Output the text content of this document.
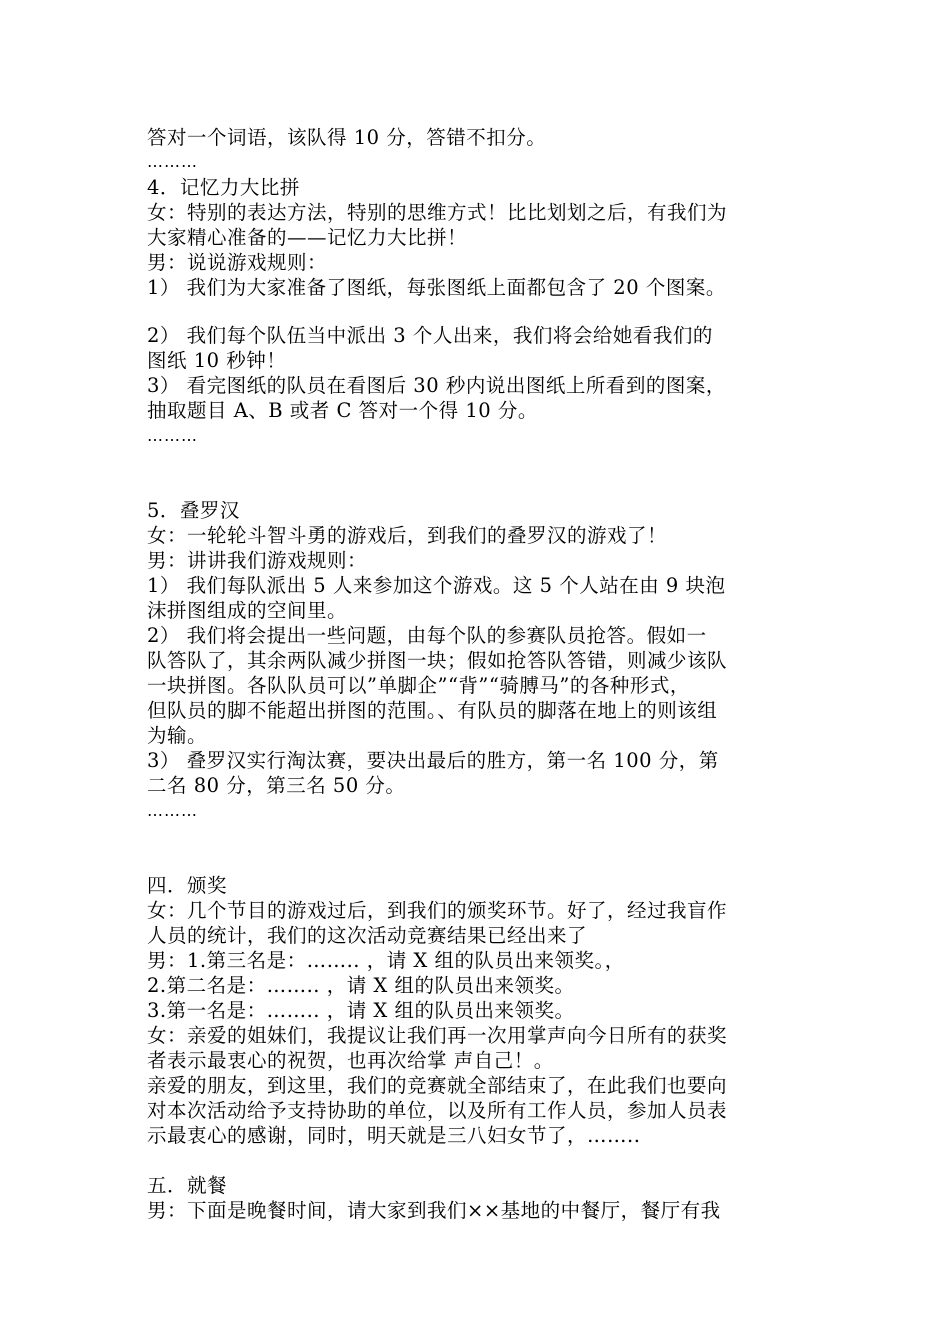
答对一个词语，该队得 10 分，答错不扣分。
………
4．记忆力大比拼
女：特别的表达方法，特别的思维方式！比比划划之后，有我们为
大家精心准备的——记忆力大比拼！
男：说说游戏规则：
1） 我们为大家准备了图纸，每张图纸上面都包含了 20 个图案。
2） 我们每个队伍当中派出 3 个人出来，我们将会给她看我们的
图纸 10 秒钟！
3） 看完图纸的队员在看图后 30 秒内说出图纸上所看到的图案，
抽取题目 A、B 或者 C 答对一个得 10 分。
………
5．叠罗汉
女：一轮轮斗智斗勇的游戏后，到我们的叠罗汉的游戏了！
男：讲讲我们游戏规则：
1） 我们每队派出 5 人来参加这个游戏。这 5 个人站在由 9 块泡
沫拼图组成的空间里。
2） 我们将会提出一些问题，由每个队的参赛队员抢答。假如一
队答队了，其余两队减少拼图一块；假如抢答队答错，则减少该队
一块拼图。各队队员可以”单脚企”“背”“骑膊马”的各种形式，
但队员的脚不能超出拼图的范围。、有队员的脚落在地上的则该组
为输。
3） 叠罗汉实行淘汰赛，要决出最后的胜方，第一名 100 分，第
二名 80 分，第三名 50 分。
………
四．颁奖
女：几个节目的游戏过后，到我们的颁奖环节。好了，经过我盲作
人员的统计，我们的这次活动竞赛结果已经出来了
男：1.第三名是：…….. ，请 X 组的队员出来领奖。，
2.第二名是：…….. ，请 X 组的队员出来领奖。
3.第一名是：…….. ，请 X 组的队员出来领奖。
女：亲爱的姐妹们，我提议让我们再一次用掌声向今日所有的获奖
者表示最衷心的祝贺，也再次给掌 声自己！。
亲爱的朋友，到这里，我们的竞赛就全部结束了，在此我们也要向
对本次活动给予支持协助的单位，以及所有工作人员，参加人员表
示最衷心的感谢，同时，明天就是三八妇女节了，……..
五．就餐
男：下面是晚餐时间，请大家到我们××基地的中餐厅，餐厅有我
